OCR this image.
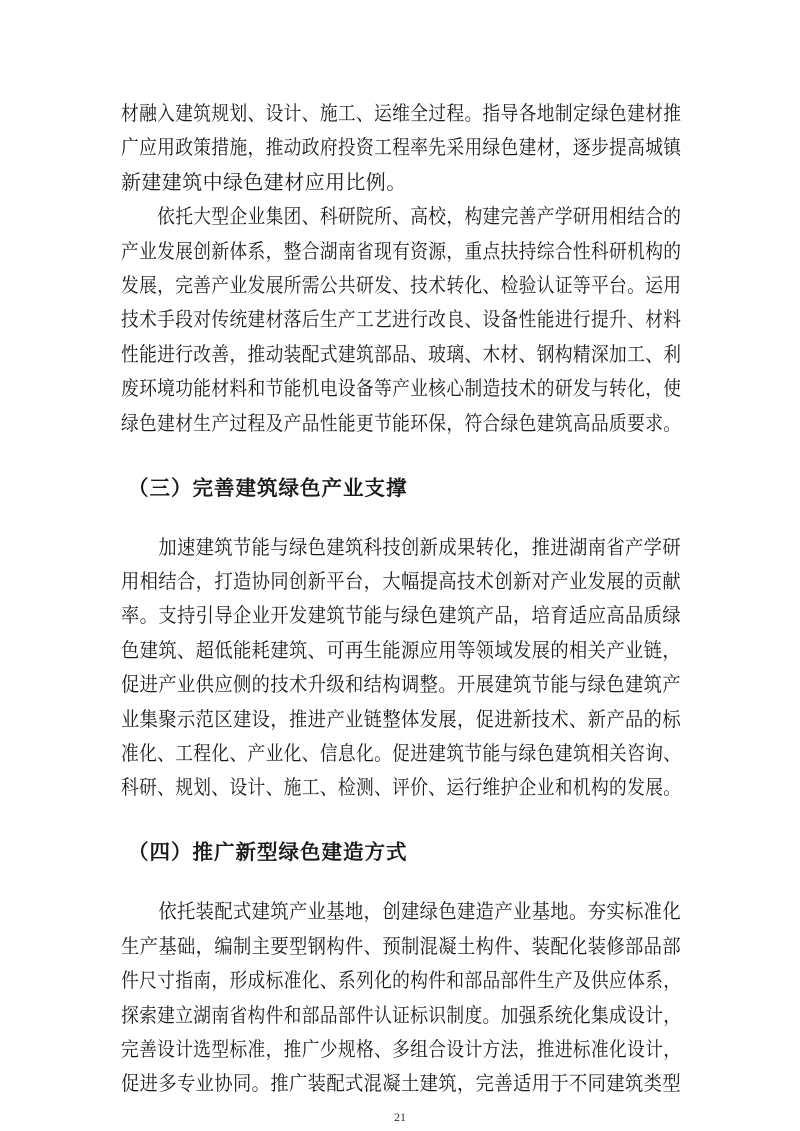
材融入建筑规划、设计、施工、运维全过程。指导各地制定绿色建材推
广应用政策措施，推动政府投资工程率先采用绿色建材，逐步提高城镇
新建建筑中绿色建材应用比例。
　　依托大型企业集团、科研院所、高校，构建完善产学研用相结合的
产业发展创新体系，整合湖南省现有资源，重点扶持综合性科研机构的
发展，完善产业发展所需公共研发、技术转化、检验认证等平台。运用
技术手段对传统建材落后生产工艺进行改良、设备性能进行提升、材料
性能进行改善，推动装配式建筑部品、玻璃、木材、钢构精深加工、利
废环境功能材料和节能机电设备等产业核心制造技术的研发与转化，使
绿色建材生产过程及产品性能更节能环保，符合绿色建筑高品质要求。
（三）完善建筑绿色产业支撑
　　加速建筑节能与绿色建筑科技创新成果转化，推进湖南省产学研
用相结合，打造协同创新平台，大幅提高技术创新对产业发展的贡献
率。支持引导企业开发建筑节能与绿色建筑产品，培育适应高品质绿
色建筑、超低能耗建筑、可再生能源应用等领域发展的相关产业链，
促进产业供应侧的技术升级和结构调整。开展建筑节能与绿色建筑产
业集聚示范区建设，推进产业链整体发展，促进新技术、新产品的标
准化、工程化、产业化、信息化。促进建筑节能与绿色建筑相关咨询、
科研、规划、设计、施工、检测、评价、运行维护企业和机构的发展。
（四）推广新型绿色建造方式
　　依托装配式建筑产业基地，创建绿色建造产业基地。夯实标准化
生产基础，编制主要型钢构件、预制混凝土构件、装配化装修部品部
件尺寸指南，形成标准化、系列化的构件和部品部件生产及供应体系，
探索建立湖南省构件和部品部件认证标识制度。加强系统化集成设计，
完善设计选型标准，推广少规格、多组合设计方法，推进标准化设计，
促进多专业协同。推广装配式混凝土建筑，完善适用于不同建筑类型
21
